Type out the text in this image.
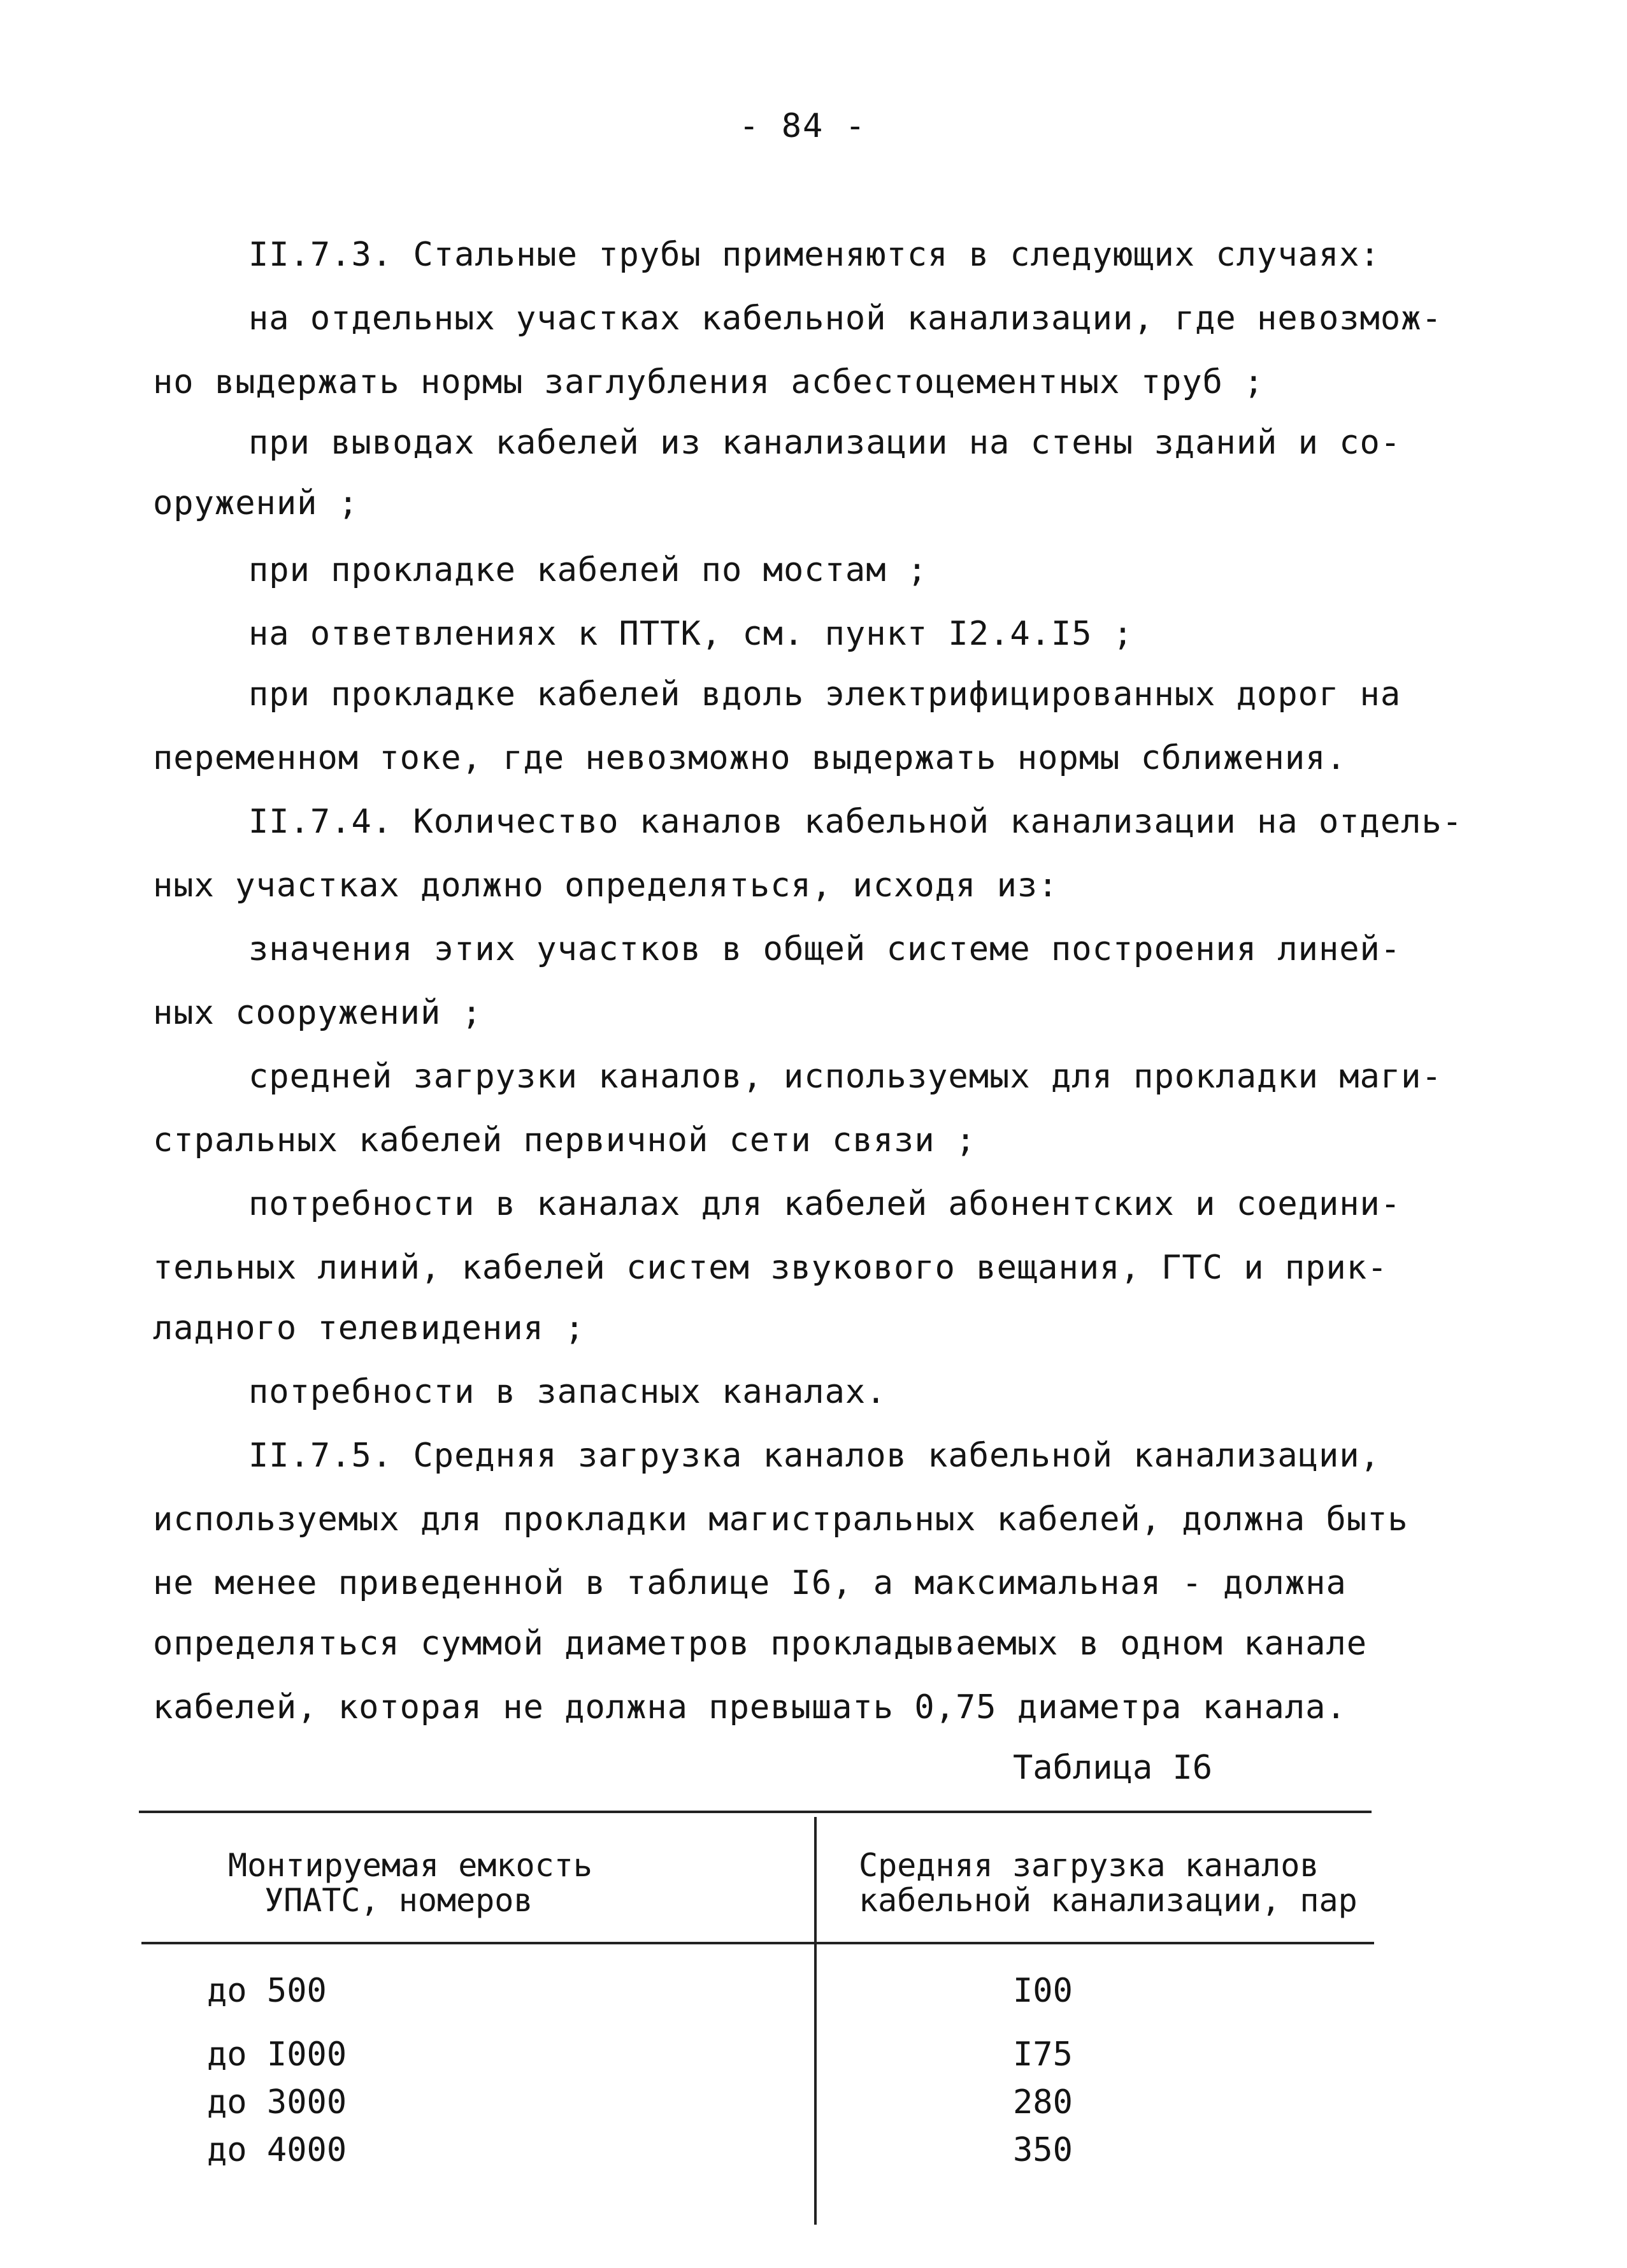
- 84 -
II.7.3. Стальные трубы применяются в следующих случаях:
на отдельных участках кабельной канализации, где невозмож-
но выдержать нормы заглубления асбестоцементных труб ;
при выводах кабелей из канализации на стены зданий и со-
оружений ;
при прокладке кабелей по мостам ;
на ответвлениях к ПТТК, см. пункт I2.4.I5 ;
при прокладке кабелей вдоль электрифицированных дорог на
переменном токе, где невозможно выдержать нормы сближения.
II.7.4. Количество каналов кабельной канализации на отдель-
ных участках должно определяться, исходя из:
значения этих участков в общей системе построения линей-
ных сооружений ;
средней загрузки каналов, используемых для прокладки маги-
стральных кабелей первичной сети связи ;
потребности в каналах для кабелей абонентских и соедини-
тельных линий, кабелей систем звукового вещания, ГТС и прик-
ладного телевидения ;
потребности в запасных каналах.
II.7.5. Средняя загрузка каналов кабельной канализации,
используемых для прокладки магистральных кабелей, должна быть
не менее приведенной в таблице I6, а максимальная - должна
определяться суммой диаметров прокладываемых в одном канале
кабелей, которая не должна превышать 0,75 диаметра канала.
Таблица I6
Монтируемая емкость
УПАТС, номеров
Средняя загрузка каналов
кабельной канализации, пар
до 500	I00
до I000	I75
до 3000	280
до 4000	350
